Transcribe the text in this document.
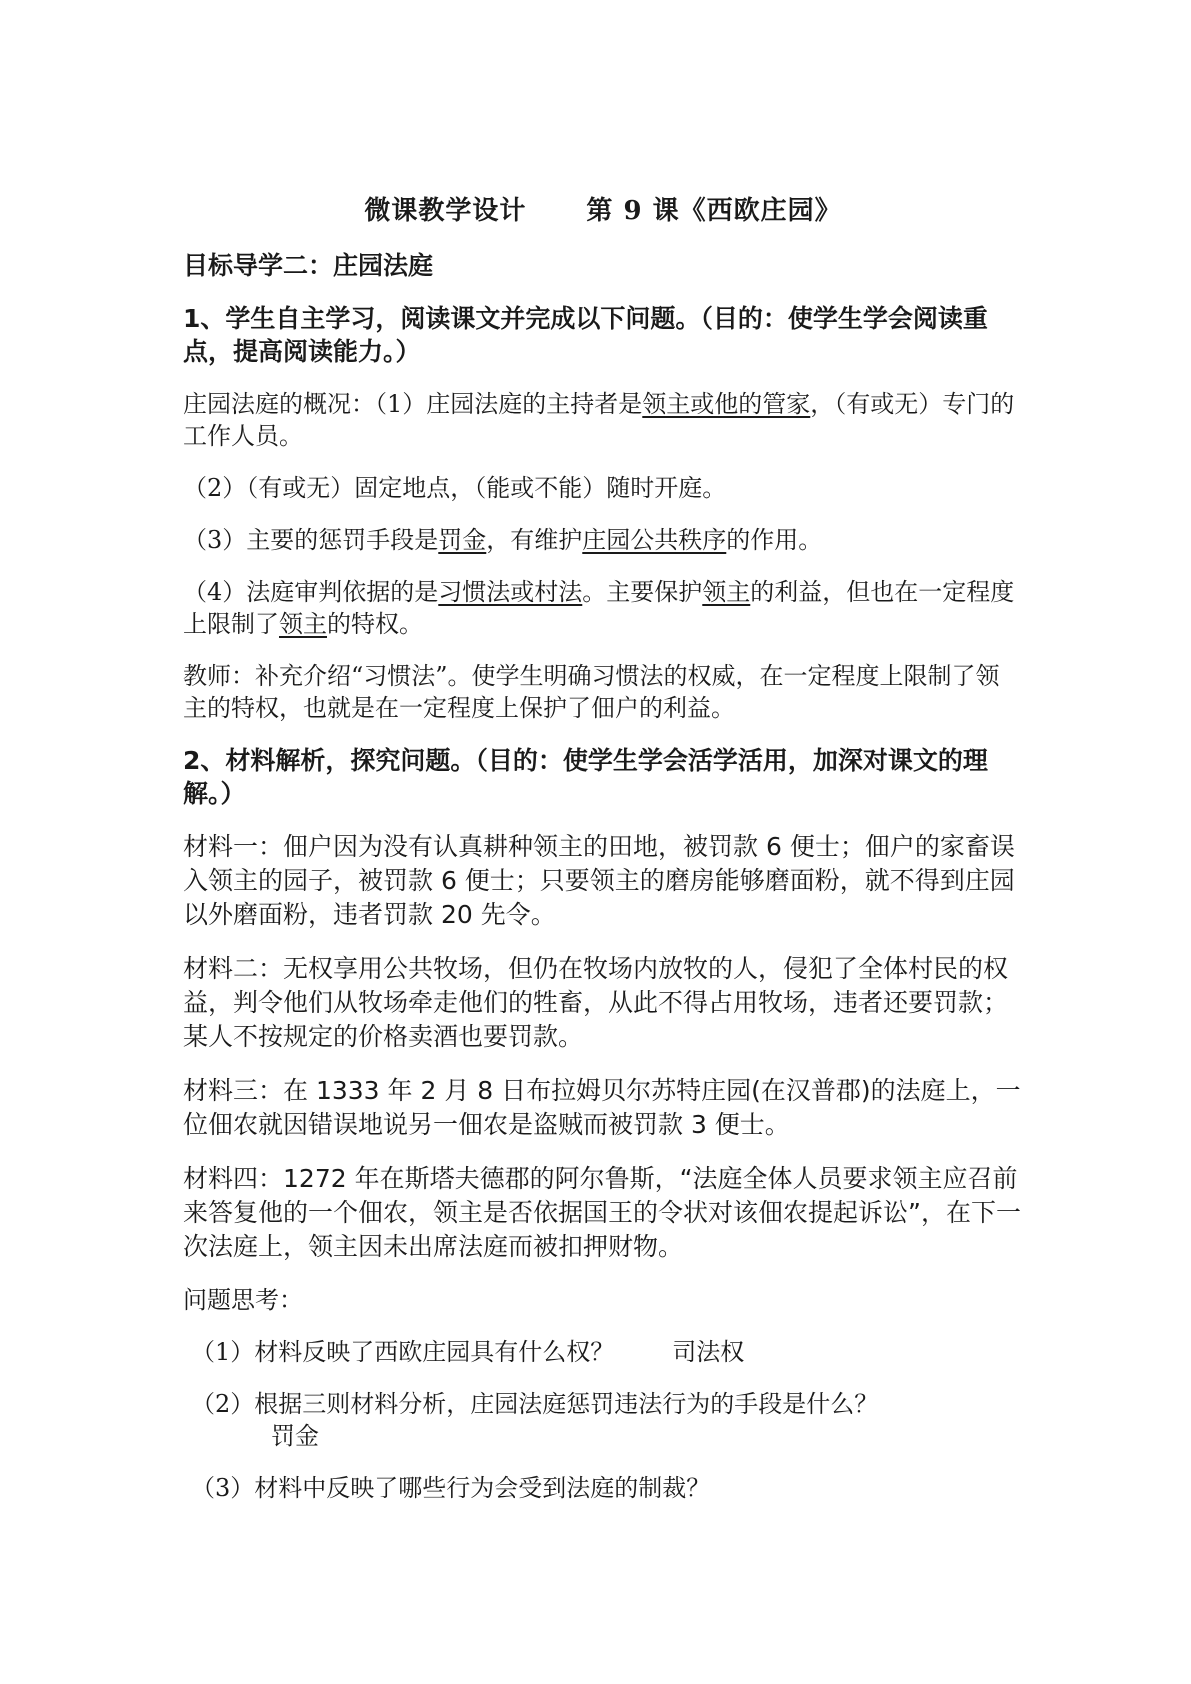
微课教学设计 第 9 课《西欧庄园》
目标导学二：庄园法庭
1、学生自主学习，阅读课文并完成以下问题。（目的：使学生学会阅读重点，提高阅读能力。）

庄园法庭的概况：（1）庄园法庭的主持者是领主或他的管家，（有或无）专门的工作人员。

（2）（有或无）固定地点，（能或不能）随时开庭。

（3）主要的惩罚手段是罚金，有维护庄园公共秩序的作用。

（4）法庭审判依据的是习惯法或村法。主要保护领主的利益，但也在一定程度上限制了领主的特权。

教师：补充介绍“习惯法”。使学生明确习惯法的权威，在一定程度上限制了领主的特权，也就是在一定程度上保护了佃户的利益。

2、材料解析，探究问题。（目的：使学生学会活学活用，加深对课文的理解。）

材料一：佃户因为没有认真耕种领主的田地，被罚款 6 便士；佃户的家畜误入领主的园子，被罚款 6 便士；只要领主的磨房能够磨面粉，就不得到庄园以外磨面粉，违者罚款 20 先令。

材料二：无权享用公共牧场，但仍在牧场内放牧的人，侵犯了全体村民的权益，判令他们从牧场牵走他们的牲畜，从此不得占用牧场，违者还要罚款；某人不按规定的价格卖酒也要罚款。

材料三：在 1333 年 2 月 8 日布拉姆贝尔苏特庄园(在汉普郡)的法庭上，一位佃农就因错误地说另一佃农是盗贼而被罚款 3 便士。

材料四：1272 年在斯塔夫德郡的阿尔鲁斯，“法庭全体人员要求领主应召前来答复他的一个佃农，领主是否依据国王的令状对该佃农提起诉讼”，在下一次法庭上，领主因未出席法庭而被扣押财物。

问题思考：

（1）材料反映了西欧庄园具有什么权？ 司法权

（2）根据三则材料分析，庄园法庭惩罚违法行为的手段是什么？
罚金

（3）材料中反映了哪些行为会受到法庭的制裁？
